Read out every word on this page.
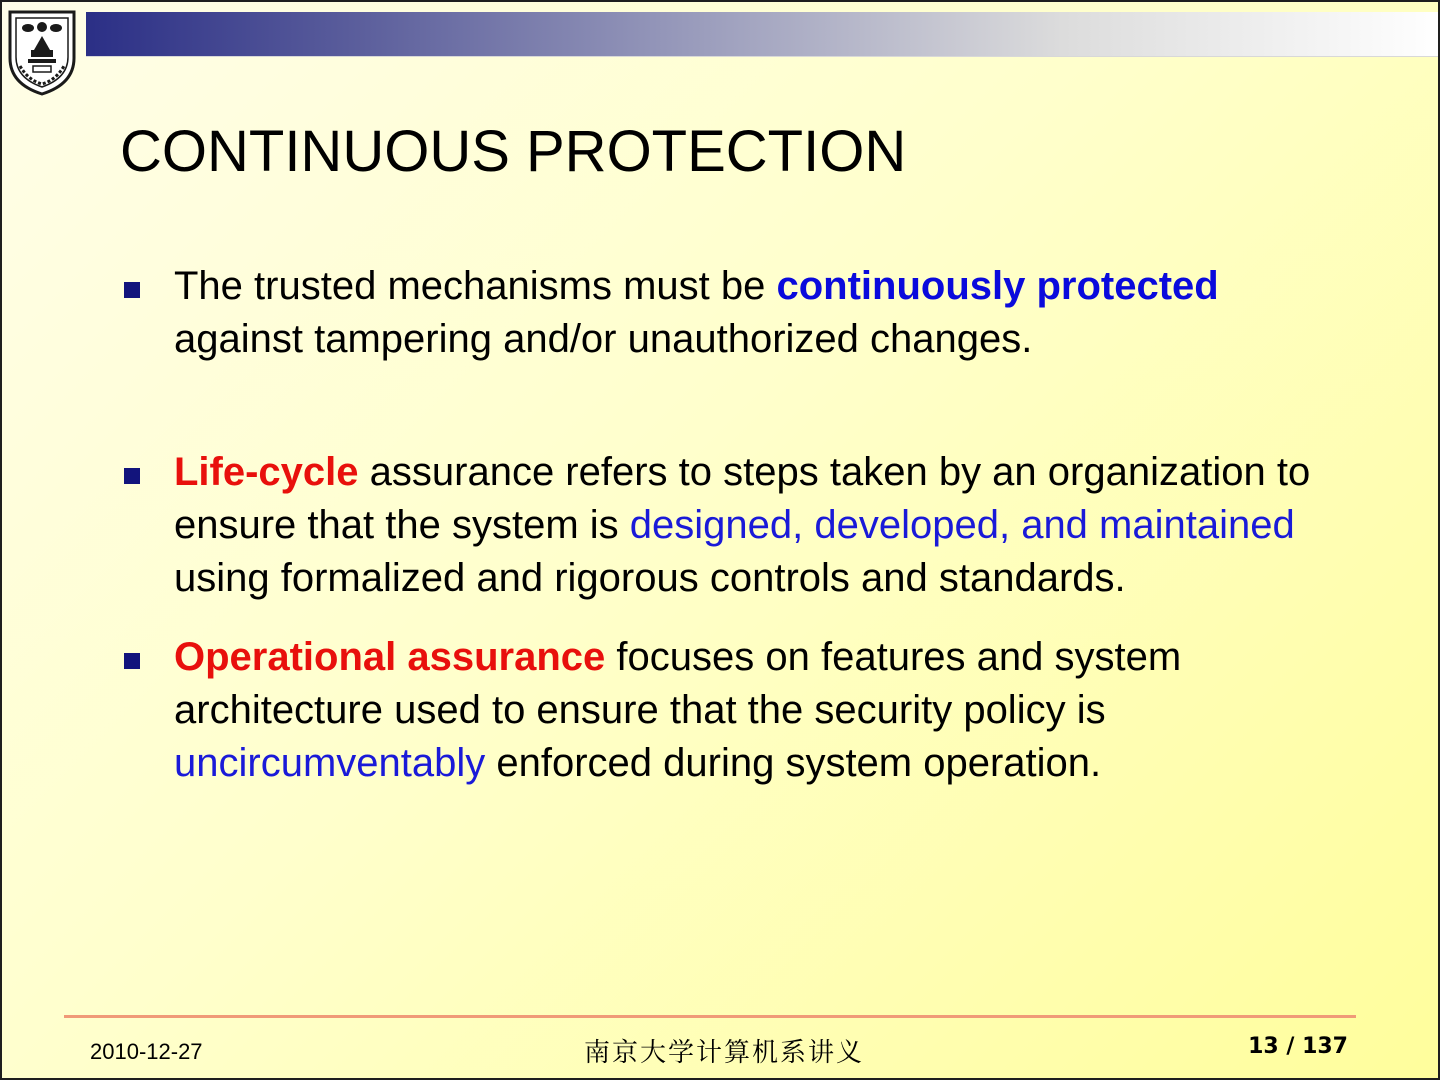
CONTINUOUS PROTECTION
The trusted mechanisms must be continuously protected against tampering and/or unauthorized changes.
Life-cycle assurance refers to steps taken by an organization to ensure that the system is designed, developed, and maintained using formalized and rigorous controls and standards.
Operational assurance focuses on features and system architecture used to ensure that the security policy is uncircumventably enforced during system operation.
2010-12-27	南京大学计算机系讲义	13 / 137
